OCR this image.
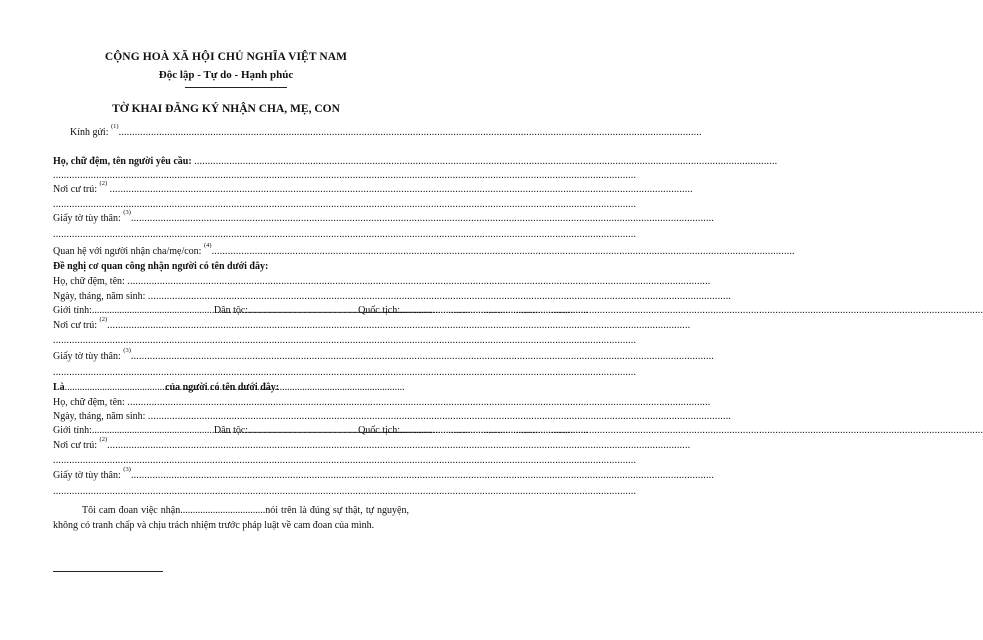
CỘNG HOÀ XÃ HỘI CHỦ NGHĨA VIỆT NAM
Độc lập - Tự do - Hạnh phúc
TỜ KHAI ĐĂNG KÝ NHẬN CHA, MẸ, CON
Kính gửi:

(1)
.....
Họ, chữ đệm, tên người yêu cầu:

.....
.....
Nơi cư trú:

(2)

.....
.....
Giấy tờ tùy thân:

(3)
.....
.....
Quan hệ với người nhận cha/mẹ/con:

(4)
.....
Đề nghị cơ quan công nhận người có tên dưới đây:
Họ, chữ đệm, tên:

.....
Ngày, tháng, năm sinh:

.....
Giới tính: .....	Dân tộc: .....	Quốc tịch:
.....
Nơi cư trú:

(2)
.....
.....
Giấy tờ tùy thân:

(3)
.....
.....
Là .....
	của người có tên dưới đây:
Họ, chữ đệm, tên:

.....
Ngày, tháng, năm sinh:

.....
Giới tính: .....	Dân tộc: .....	Quốc tịch:
.....
Nơi cư trú:

(2)
.....
.....
Giấy tờ tùy thân:

(3)
.....
.....
Tôi cam đoan việc nhận..................................nói trên là đúng sự thật, tự nguyện, không có tranh chấp và chịu trách nhiệm trước pháp luật về cam đoan của mình.
